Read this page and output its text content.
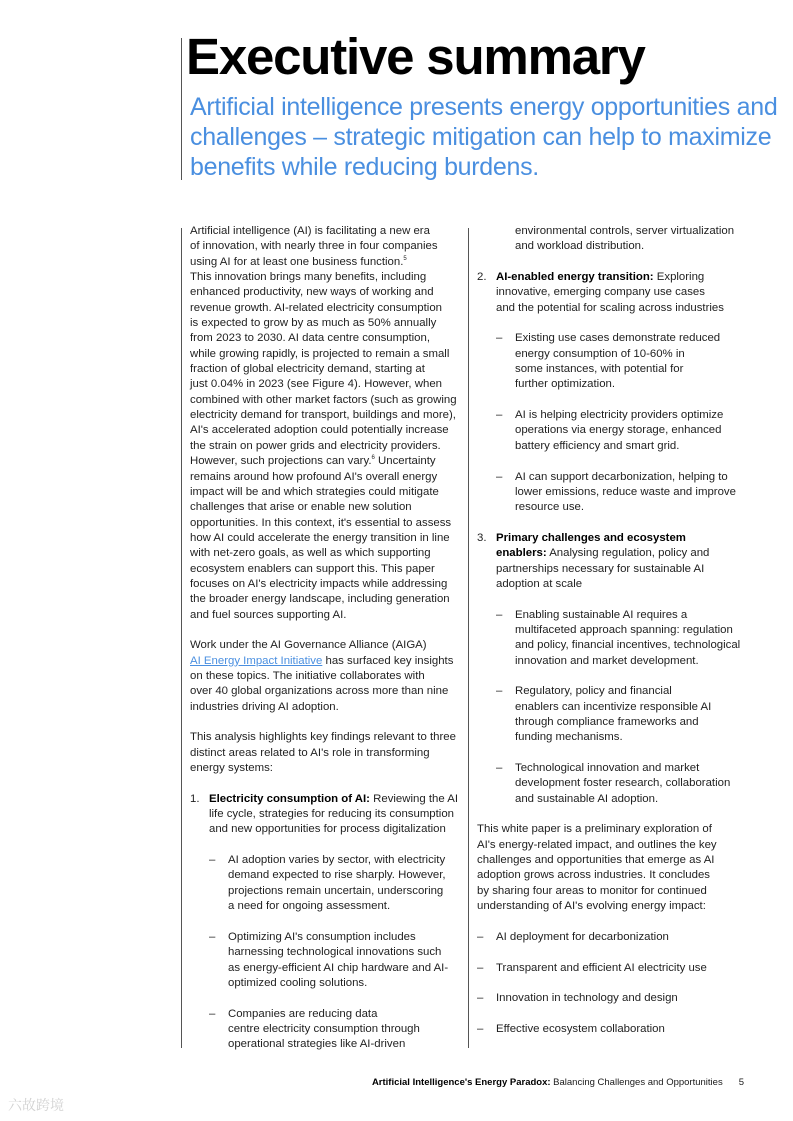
Executive summary

Artificial intelligence presents energy opportunities and challenges – strategic mitigation can help to maximize benefits while reducing burdens.

Artificial intelligence (AI) is facilitating a new era
of innovation, with nearly three in four companies
using AI for at least one business function.$^5$

This innovation brings many benefits, including
enhanced productivity, new ways of working and
revenue growth. AI-related electricity consumption
is expected to grow by as much as 50% annually
from 2023 to 2030. AI data centre consumption,
while growing rapidly, is projected to remain a small
fraction of global electricity demand, starting at
just 0.04% in 2023 (see Figure 4). However, when
combined with other market factors (such as growing
electricity demand for transport, buildings and more),
AI's accelerated adoption could potentially increase
the strain on power grids and electricity providers.
However, such projections can vary.$^6$ Uncertainty
remains around how profound AI's overall energy
impact will be and which strategies could mitigate
challenges that arise or enable new solution
opportunities. In this context, it's essential to assess
how AI could accelerate the energy transition in line
with net-zero goals, as well as which supporting
ecosystem enablers can support this. This paper
focuses on AI's electricity impacts while addressing
the broader energy landscape, including generation
and fuel sources supporting AI.

Work under the AI Governance Alliance (AIGA)
AI Energy Impact Initiative has surfaced key insights
on these topics. The initiative collaborates with
over 40 global organizations across more than nine
industries driving AI adoption.

This analysis highlights key findings relevant to three
distinct areas related to AI's role in transforming
energy systems:

1. Electricity consumption of AI: Reviewing the AI
life cycle, strategies for reducing its consumption
and new opportunities for process digitalization
–	AI adoption varies by sector, with electricity
demand expected to rise sharply. However,
projections remain uncertain, underscoring
a need for ongoing assessment.
–	Optimizing AI's consumption includes
harnessing technological innovations such
as energy-efficient AI chip hardware and AI-
optimized cooling solutions.
–	Companies are reducing data
centre electricity consumption through
operational strategies like AI-driven

environmental controls, server virtualization
and workload distribution.

2. AI-enabled energy transition: Exploring
innovative, emerging company use cases
and the potential for scaling across industries
–	Existing use cases demonstrate reduced
energy consumption of 10-60% in
some instances, with potential for
further optimization.
–	AI is helping electricity providers optimize
operations via energy storage, enhanced
battery efficiency and smart grid.
–	AI can support decarbonization, helping to
lower emissions, reduce waste and improve
resource use.
3. Primary challenges and ecosystem
enablers: Analysing regulation, policy and
partnerships necessary for sustainable AI
adoption at scale
–	Enabling sustainable AI requires a
multifaceted approach spanning: regulation
and policy, financial incentives, technological
innovation and market development.
–	Regulatory, policy and financial
enablers can incentivize responsible AI
through compliance frameworks and
funding mechanisms.
–	Technological innovation and market
development foster research, collaboration
and sustainable AI adoption.

This white paper is a preliminary exploration of
AI's energy-related impact, and outlines the key
challenges and opportunities that emerge as AI
adoption grows across industries. It concludes
by sharing four areas to monitor for continued
understanding of AI's evolving energy impact:

–	AI deployment for decarbonization
–	Transparent and efficient AI electricity use
–	Innovation in technology and design
–	Effective ecosystem collaboration
Artificial Intelligence's Energy Paradox: Balancing Challenges and Opportunities 5
六故跨境
